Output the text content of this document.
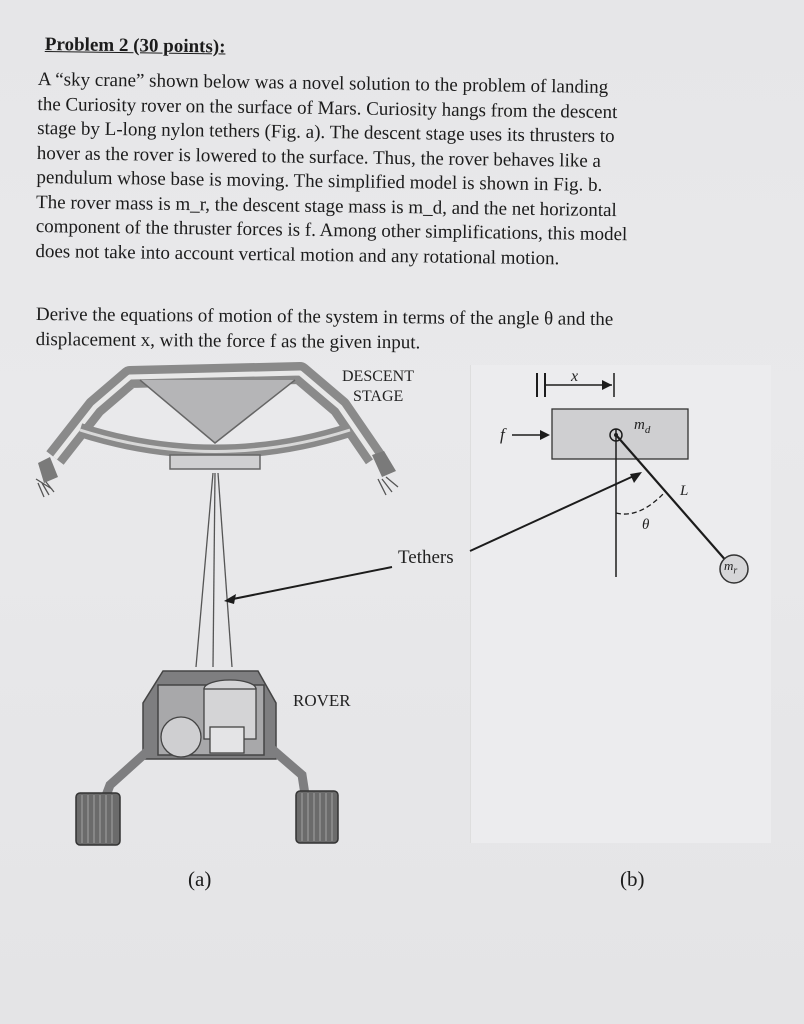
Problem 2 (30 points):
A “sky crane” shown below was a novel solution to the problem of landing
the Curiosity rover on the surface of Mars. Curiosity hangs from the descent
stage by L-long nylon tethers (Fig. a). The descent stage uses its thrusters to
hover as the rover is lowered to the surface. Thus, the rover behaves like a
pendulum whose base is moving. The simplified model is shown in Fig. b.
The rover mass is m_r, the descent stage mass is m_d, and the net horizontal
component of the thruster forces is f. Among other simplifications, this model
does not take into account vertical motion and any rotational motion.
Derive the equations of motion of the system in terms of the angle θ and the
displacement x, with the force f as the given input.
DESCENT
STAGE
Tethers
ROVER
(a)
x
f	$m_d$
L
θ
$m_r$
(b)
